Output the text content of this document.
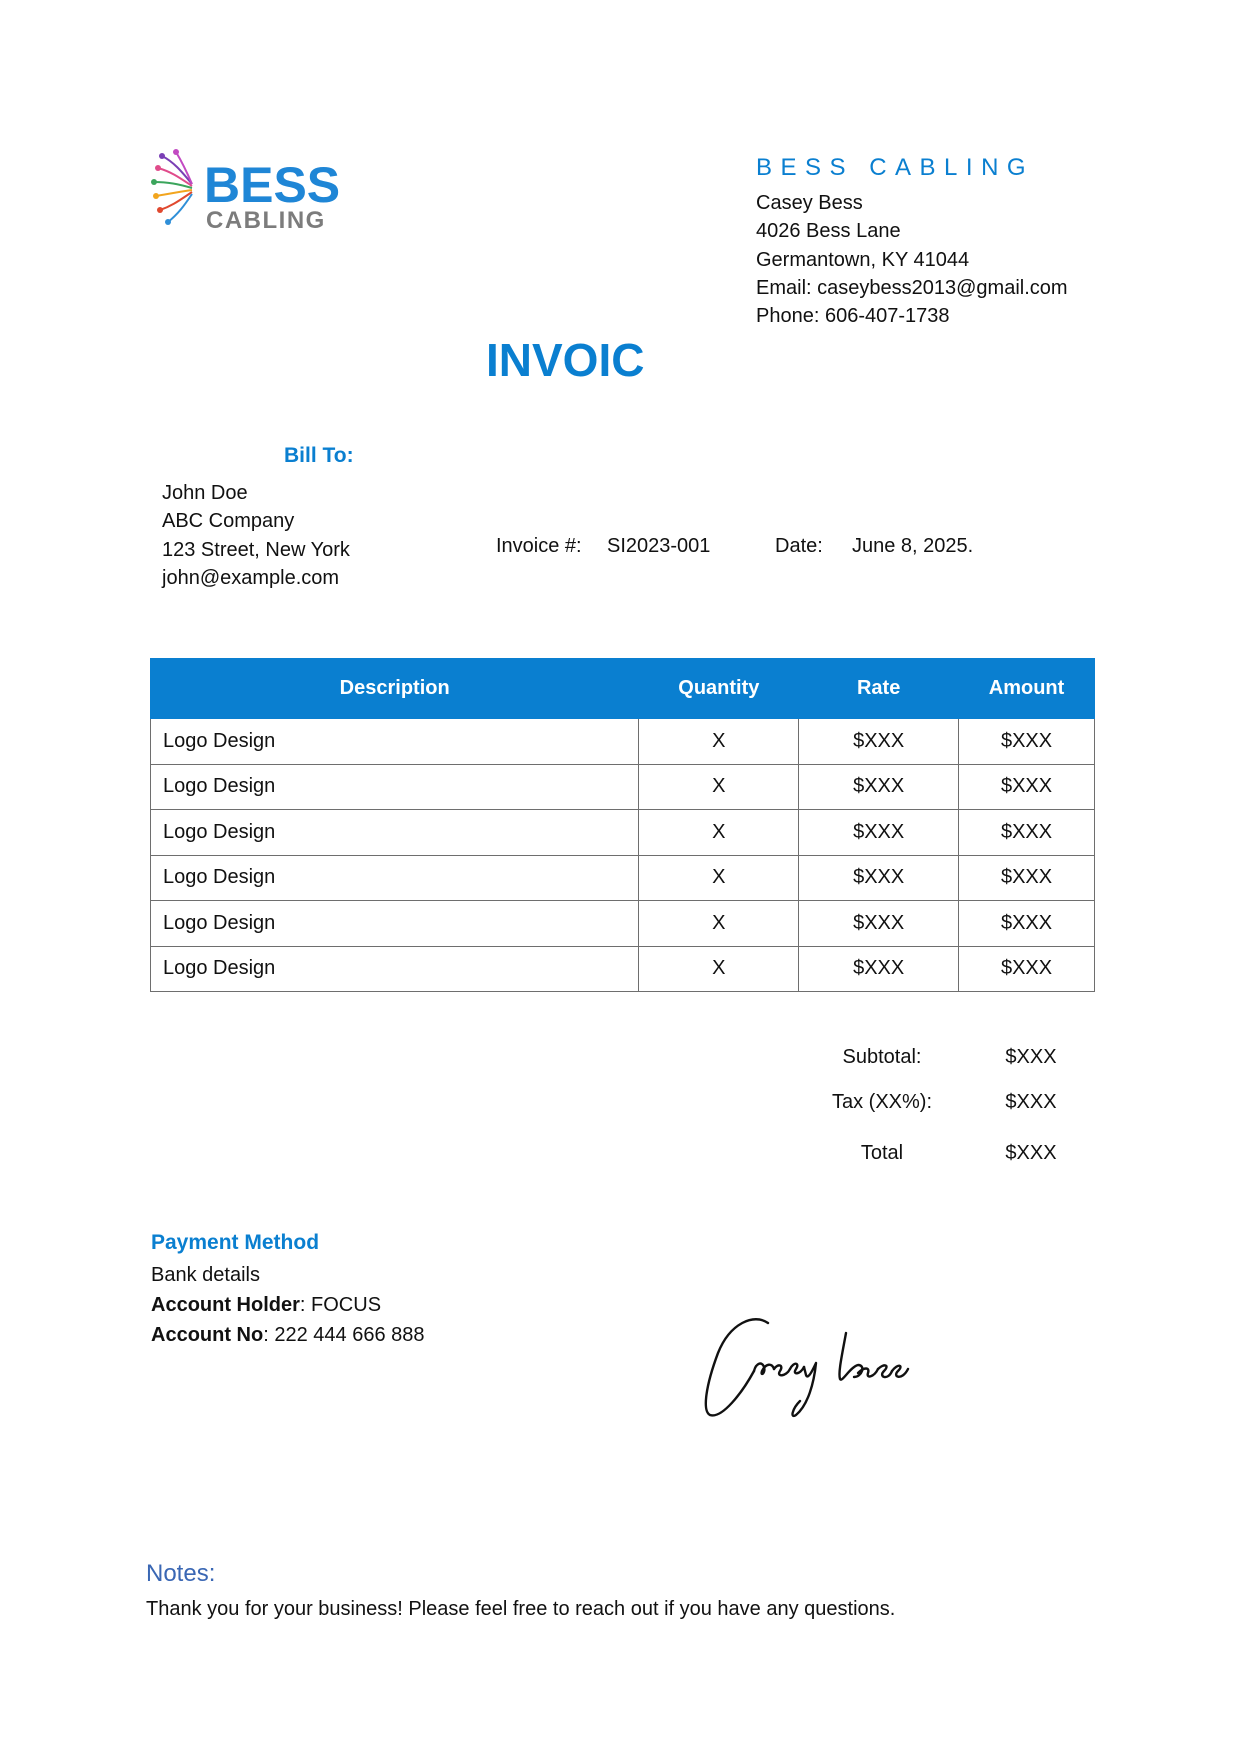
BESS
CABLING
BESS CABLING
Casey Bess
4026 Bess Lane
Germantown, KY 41044
Email: caseybess2013@gmail.com
Phone: 606-407-1738
INVOIC
Bill To:
John Doe
ABC Company
123 Street, New York
john@example.com
Invoice #: SI2023-001	Date: June 8, 2025.
Description	Quantity	Rate	Amount
Logo Design	X	$XXX	$XXX
Logo Design	X	$XXX	$XXX
Logo Design	X	$XXX	$XXX
Logo Design	X	$XXX	$XXX
Logo Design	X	$XXX	$XXX
Logo Design	X	$XXX	$XXX
Subtotal:	$XXX
Tax (XX%):	$XXX
Total	$XXX
Payment Method
Bank details
Account Holder: FOCUS
Account No: 222 444 666 888
Notes:
Thank you for your business! Please feel free to reach out if you have any questions.
